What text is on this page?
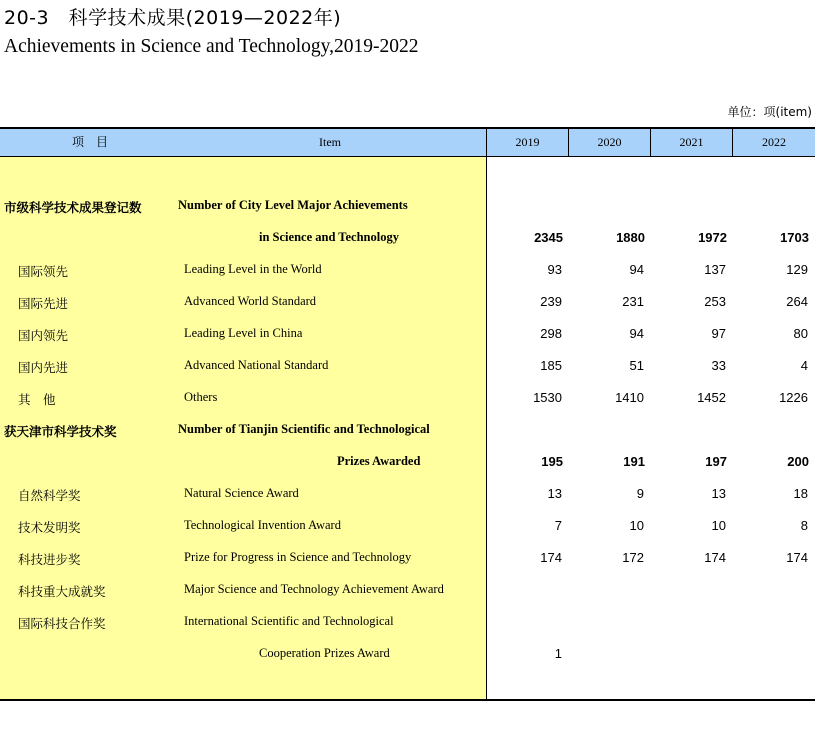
20-3　科学技术成果(2019—2022年)
Achievements in Science and Technology,2019-2022
单位：项(item)
项　目	Item	2019	2020	2021	2022
市级科学技术成果登记数	Number of City Level Major Achievements
in Science and Technology	2345	1880	1972	1703
国际领先	Leading Level in the World	93	94	137	129
国际先进	Advanced World Standard	239	231	253	264
国内领先	Leading Level in China	298	94	97	80
国内先进	Advanced National Standard	185	51	33	4
其　他	Others	1530	1410	1452	1226
获天津市科学技术奖	Number of Tianjin Scientific and Technological
Prizes Awarded	195	191	197	200
自然科学奖	Natural Science Award	13	9	13	18
技术发明奖	Technological Invention Award	7	10	10	8
科技进步奖	Prize for Progress in Science and Technology	174	172	174	174
科技重大成就奖	Major Science and Technology Achievement Award
国际科技合作奖	International Scientific and Technological
Cooperation Prizes Award	1
